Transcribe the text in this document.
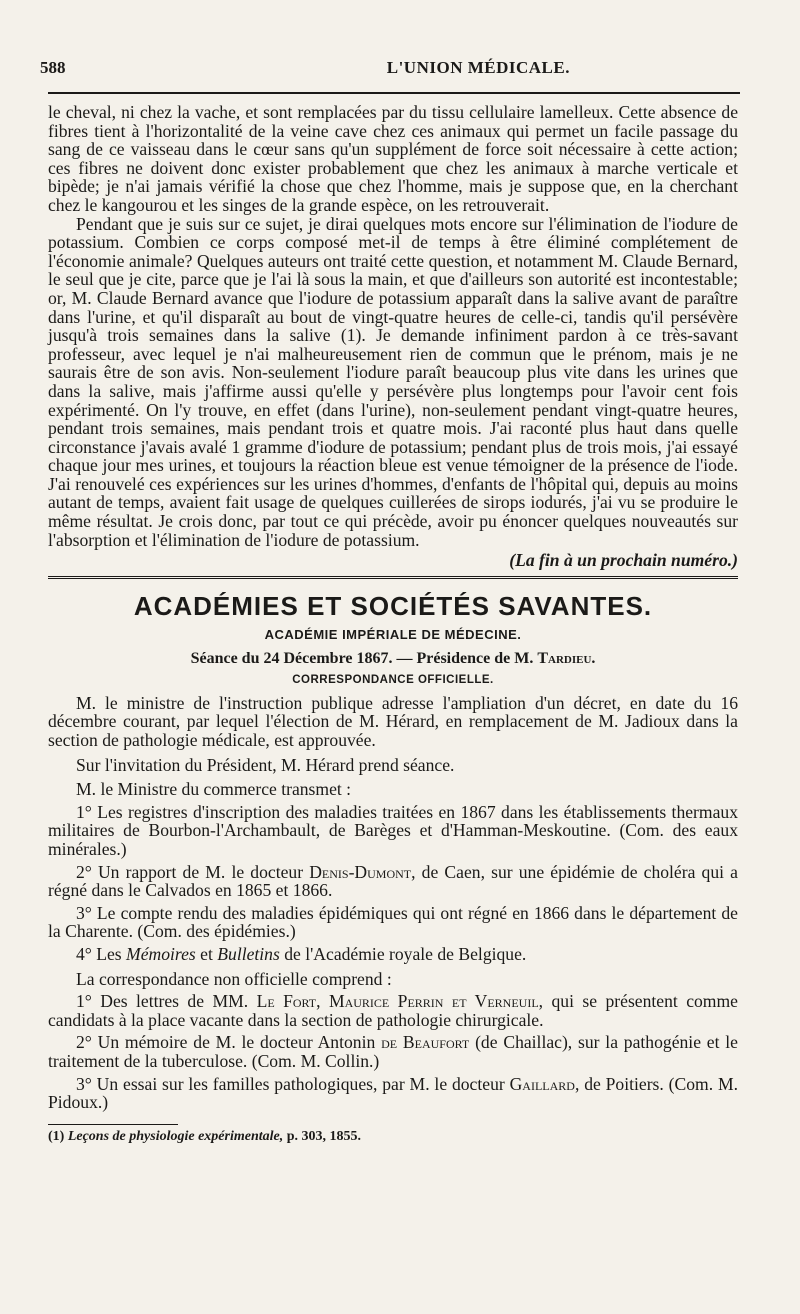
588	L'UNION MÉDICALE.

le cheval, ni chez la vache, et sont remplacées par du tissu cellulaire lamelleux. Cette absence de fibres tient à l'horizontalité de la veine cave chez ces animaux qui permet un facile passage du sang de ce vaisseau dans le cœur sans qu'un supplément de force soit nécessaire à cette action; ces fibres ne doivent donc exister probablement que chez les animaux à marche verticale et bipède; je n'ai jamais vérifié la chose que chez l'homme, mais je suppose que, en la cherchant chez le kangourou et les singes de la grande espèce, on les retrouverait.

Pendant que je suis sur ce sujet, je dirai quelques mots encore sur l'élimination de l'iodure de potassium. Combien ce corps composé met-il de temps à être éliminé complétement de l'économie animale? Quelques auteurs ont traité cette question, et notamment M. Claude Bernard, le seul que je cite, parce que je l'ai là sous la main, et que d'ailleurs son autorité est incontestable; or, M. Claude Bernard avance que l'iodure de potassium apparaît dans la salive avant de paraître dans l'urine, et qu'il disparaît au bout de vingt-quatre heures de celle-ci, tandis qu'il persévère jusqu'à trois semaines dans la salive (1). Je demande infiniment pardon à ce très-savant professeur, avec lequel je n'ai malheureusement rien de commun que le prénom, mais je ne saurais être de son avis. Non-seulement l'iodure paraît beaucoup plus vite dans les urines que dans la salive, mais j'affirme aussi qu'elle y persévère plus longtemps pour l'avoir cent fois expérimenté. On l'y trouve, en effet (dans l'urine), non-seulement pendant vingt-quatre heures, pendant trois semaines, mais pendant trois et quatre mois. J'ai raconté plus haut dans quelle circonstance j'avais avalé 1 gramme d'iodure de potassium; pendant plus de trois mois, j'ai essayé chaque jour mes urines, et toujours la réaction bleue est venue témoigner de la présence de l'iode. J'ai renouvelé ces expériences sur les urines d'hommes, d'enfants de l'hôpital qui, depuis au moins autant de temps, avaient fait usage de quelques cuillerées de sirops iodurés, j'ai vu se produire le même résultat. Je crois donc, par tout ce qui précède, avoir pu énoncer quelques nouveautés sur l'absorption et l'élimination de l'iodure de potassium.

(La fin à un prochain numéro.)

ACADÉMIES ET SOCIÉTÉS SAVANTES.
ACADÉMIE IMPÉRIALE DE MÉDECINE.
Séance du 24 Décembre 1867. — Présidence de M. Tardieu.
CORRESPONDANCE OFFICIELLE.

M. le ministre de l'instruction publique adresse l'ampliation d'un décret, en date du 16 décembre courant, par lequel l'élection de M. Hérard, en remplacement de M. Jadioux dans la section de pathologie médicale, est approuvée.

Sur l'invitation du Président, M. Hérard prend séance.

M. le Ministre du commerce transmet :

1° Les registres d'inscription des maladies traitées en 1867 dans les établissements thermaux militaires de Bourbon-l'Archambault, de Barèges et d'Hamman-Meskoutine. (Com. des eaux minérales.)

2° Un rapport de M. le docteur Denis-Dumont, de Caen, sur une épidémie de choléra qui a régné dans le Calvados en 1865 et 1866.

3° Le compte rendu des maladies épidémiques qui ont régné en 1866 dans le département de la Charente. (Com. des épidémies.)

4° Les Mémoires et Bulletins de l'Académie royale de Belgique.

La correspondance non officielle comprend :

1° Des lettres de MM. Le Fort, Maurice Perrin et Verneuil, qui se présentent comme candidats à la place vacante dans la section de pathologie chirurgicale.

2° Un mémoire de M. le docteur Antonin de Beaufort (de Chaillac), sur la pathogénie et le traitement de la tuberculose. (Com. M. Collin.)

3° Un essai sur les familles pathologiques, par M. le docteur Gaillard, de Poitiers. (Com. M. Pidoux.)

(1) Leçons de physiologie expérimentale, p. 303, 1855.
